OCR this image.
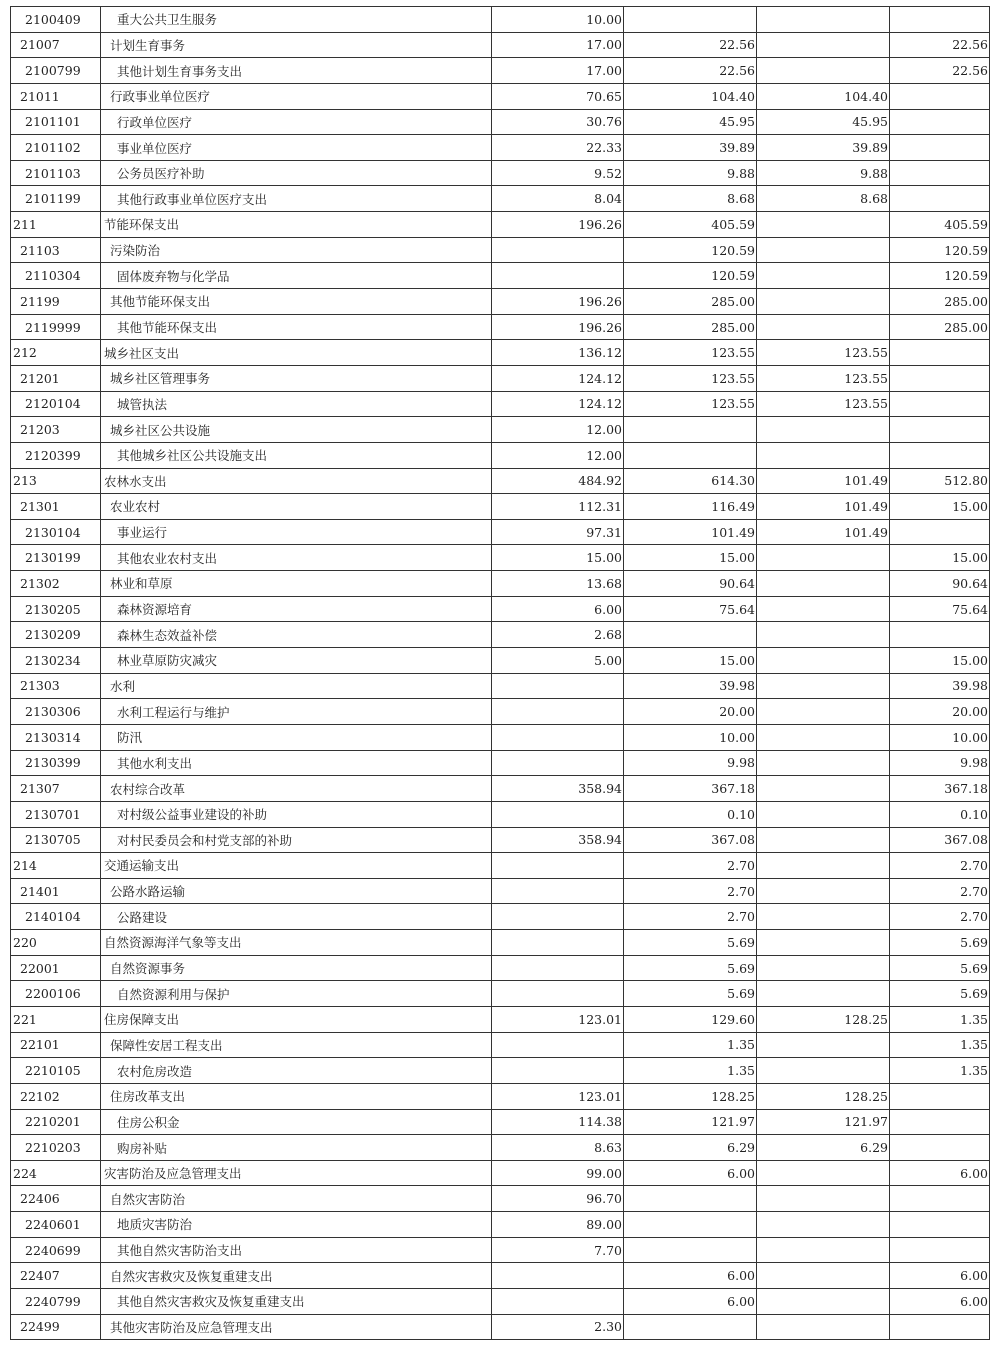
2100409	重大公共卫生服务	10.00			
21007	计划生育事务	17.00	22.56		22.56
2100799	其他计划生育事务支出	17.00	22.56		22.56
21011	行政事业单位医疗	70.65	104.40	104.40	
2101101	行政单位医疗	30.76	45.95	45.95	
2101102	事业单位医疗	22.33	39.89	39.89	
2101103	公务员医疗补助	9.52	9.88	9.88	
2101199	其他行政事业单位医疗支出	8.04	8.68	8.68	
211	节能环保支出	196.26	405.59		405.59
21103	污染防治		120.59		120.59
2110304	固体废弃物与化学品		120.59		120.59
21199	其他节能环保支出	196.26	285.00		285.00
2119999	其他节能环保支出	196.26	285.00		285.00
212	城乡社区支出	136.12	123.55	123.55	
21201	城乡社区管理事务	124.12	123.55	123.55	
2120104	城管执法	124.12	123.55	123.55	
21203	城乡社区公共设施	12.00			
2120399	其他城乡社区公共设施支出	12.00			
213	农林水支出	484.92	614.30	101.49	512.80
21301	农业农村	112.31	116.49	101.49	15.00
2130104	事业运行	97.31	101.49	101.49	
2130199	其他农业农村支出	15.00	15.00		15.00
21302	林业和草原	13.68	90.64		90.64
2130205	森林资源培育	6.00	75.64		75.64
2130209	森林生态效益补偿	2.68			
2130234	林业草原防灾减灾	5.00	15.00		15.00
21303	水利		39.98		39.98
2130306	水利工程运行与维护		20.00		20.00
2130314	防汛		10.00		10.00
2130399	其他水利支出		9.98		9.98
21307	农村综合改革	358.94	367.18		367.18
2130701	对村级公益事业建设的补助		0.10		0.10
2130705	对村民委员会和村党支部的补助	358.94	367.08		367.08
214	交通运输支出		2.70		2.70
21401	公路水路运输		2.70		2.70
2140104	公路建设		2.70		2.70
220	自然资源海洋气象等支出		5.69		5.69
22001	自然资源事务		5.69		5.69
2200106	自然资源利用与保护		5.69		5.69
221	住房保障支出	123.01	129.60	128.25	1.35
22101	保障性安居工程支出		1.35		1.35
2210105	农村危房改造		1.35		1.35
22102	住房改革支出	123.01	128.25	128.25	
2210201	住房公积金	114.38	121.97	121.97	
2210203	购房补贴	8.63	6.29	6.29	
224	灾害防治及应急管理支出	99.00	6.00		6.00
22406	自然灾害防治	96.70			
2240601	地质灾害防治	89.00			
2240699	其他自然灾害防治支出	7.70			
22407	自然灾害救灾及恢复重建支出		6.00		6.00
2240799	其他自然灾害救灾及恢复重建支出		6.00		6.00
22499	其他灾害防治及应急管理支出	2.30			
